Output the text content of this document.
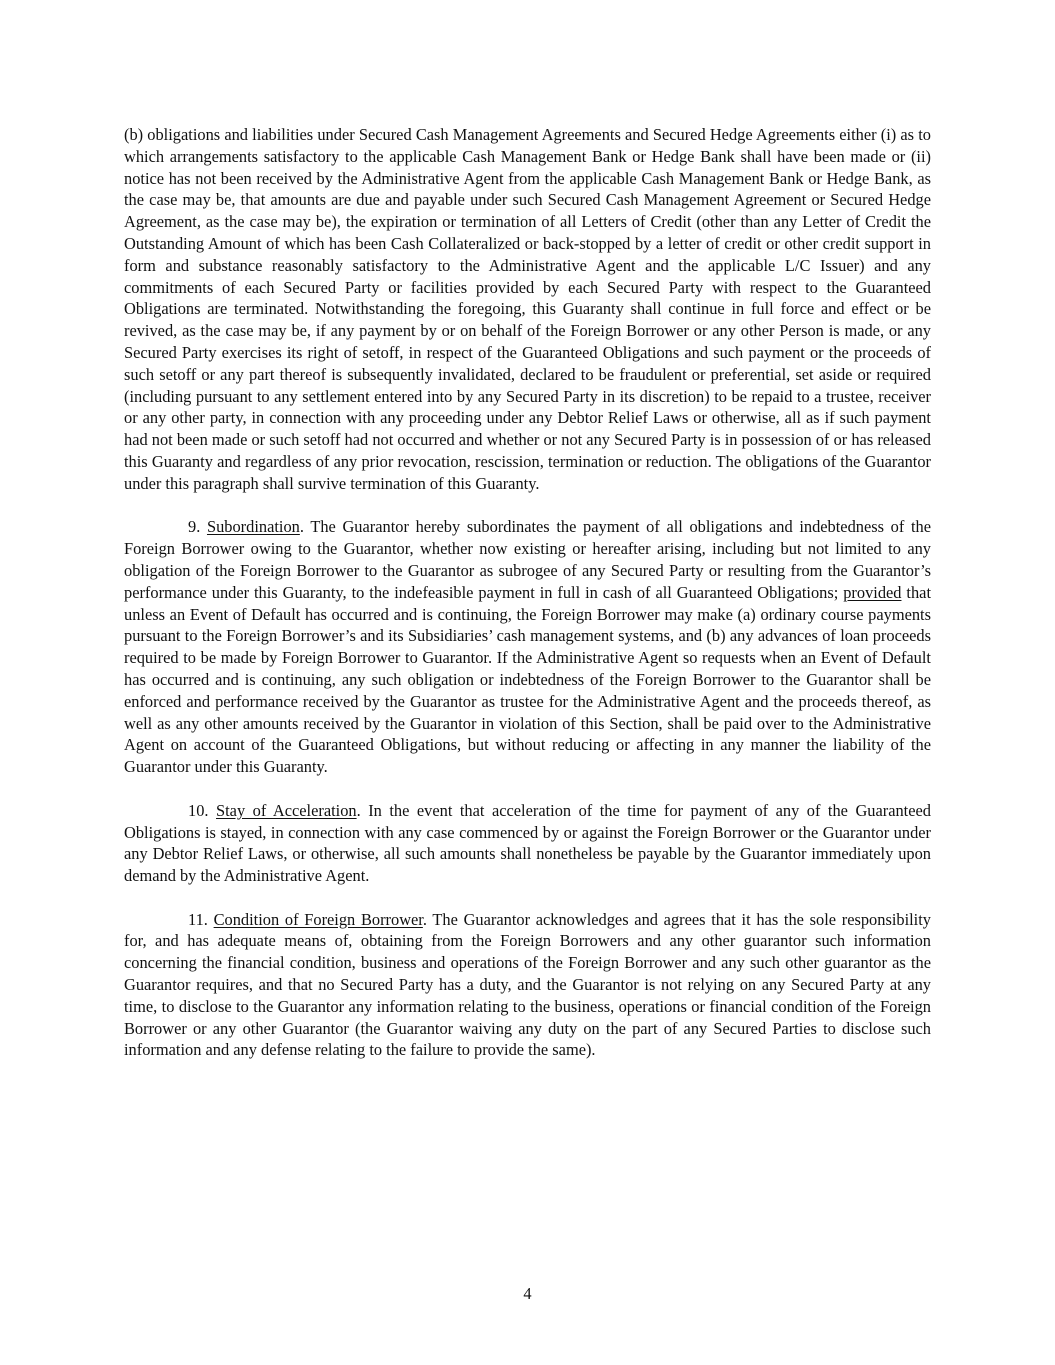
(b) obligations and liabilities under Secured Cash Management Agreements and Secured Hedge Agreements either (i) as to which arrangements satisfactory to the applicable Cash Management Bank or Hedge Bank shall have been made or (ii) notice has not been received by the Administrative Agent from the applicable Cash Management Bank or Hedge Bank, as the case may be, that amounts are due and payable under such Secured Cash Management Agreement or Secured Hedge Agreement, as the case may be), the expiration or termination of all Letters of Credit (other than any Letter of Credit the Outstanding Amount of which has been Cash Collateralized or back-stopped by a letter of credit or other credit support in form and substance reasonably satisfactory to the Administrative Agent and the applicable L/C Issuer) and any commitments of each Secured Party or facilities provided by each Secured Party with respect to the Guaranteed Obligations are terminated. Notwithstanding the foregoing, this Guaranty shall continue in full force and effect or be revived, as the case may be, if any payment by or on behalf of the Foreign Borrower or any other Person is made, or any Secured Party exercises its right of setoff, in respect of the Guaranteed Obligations and such payment or the proceeds of such setoff or any part thereof is subsequently invalidated, declared to be fraudulent or preferential, set aside or required (including pursuant to any settlement entered into by any Secured Party in its discretion) to be repaid to a trustee, receiver or any other party, in connection with any proceeding under any Debtor Relief Laws or otherwise, all as if such payment had not been made or such setoff had not occurred and whether or not any Secured Party is in possession of or has released this Guaranty and regardless of any prior revocation, rescission, termination or reduction. The obligations of the Guarantor under this paragraph shall survive termination of this Guaranty.

9. Subordination. The Guarantor hereby subordinates the payment of all obligations and indebtedness of the Foreign Borrower owing to the Guarantor, whether now existing or hereafter arising, including but not limited to any obligation of the Foreign Borrower to the Guarantor as subrogee of any Secured Party or resulting from the Guarantor’s performance under this Guaranty, to the indefeasible payment in full in cash of all Guaranteed Obligations; provided that unless an Event of Default has occurred and is continuing, the Foreign Borrower may make (a) ordinary course payments pursuant to the Foreign Borrower’s and its Subsidiaries’ cash management systems, and (b) any advances of loan proceeds required to be made by Foreign Borrower to Guarantor. If the Administrative Agent so requests when an Event of Default has occurred and is continuing, any such obligation or indebtedness of the Foreign Borrower to the Guarantor shall be enforced and performance received by the Guarantor as trustee for the Administrative Agent and the proceeds thereof, as well as any other amounts received by the Guarantor in violation of this Section, shall be paid over to the Administrative Agent on account of the Guaranteed Obligations, but without reducing or affecting in any manner the liability of the Guarantor under this Guaranty.

10. Stay of Acceleration. In the event that acceleration of the time for payment of any of the Guaranteed Obligations is stayed, in connection with any case commenced by or against the Foreign Borrower or the Guarantor under any Debtor Relief Laws, or otherwise, all such amounts shall nonetheless be payable by the Guarantor immediately upon demand by the Administrative Agent.

11. Condition of Foreign Borrower. The Guarantor acknowledges and agrees that it has the sole responsibility for, and has adequate means of, obtaining from the Foreign Borrowers and any other guarantor such information concerning the financial condition, business and operations of the Foreign Borrower and any such other guarantor as the Guarantor requires, and that no Secured Party has a duty, and the Guarantor is not relying on any Secured Party at any time, to disclose to the Guarantor any information relating to the business, operations or financial condition of the Foreign Borrower or any other Guarantor (the Guarantor waiving any duty on the part of any Secured Parties to disclose such information and any defense relating to the failure to provide the same).

4
